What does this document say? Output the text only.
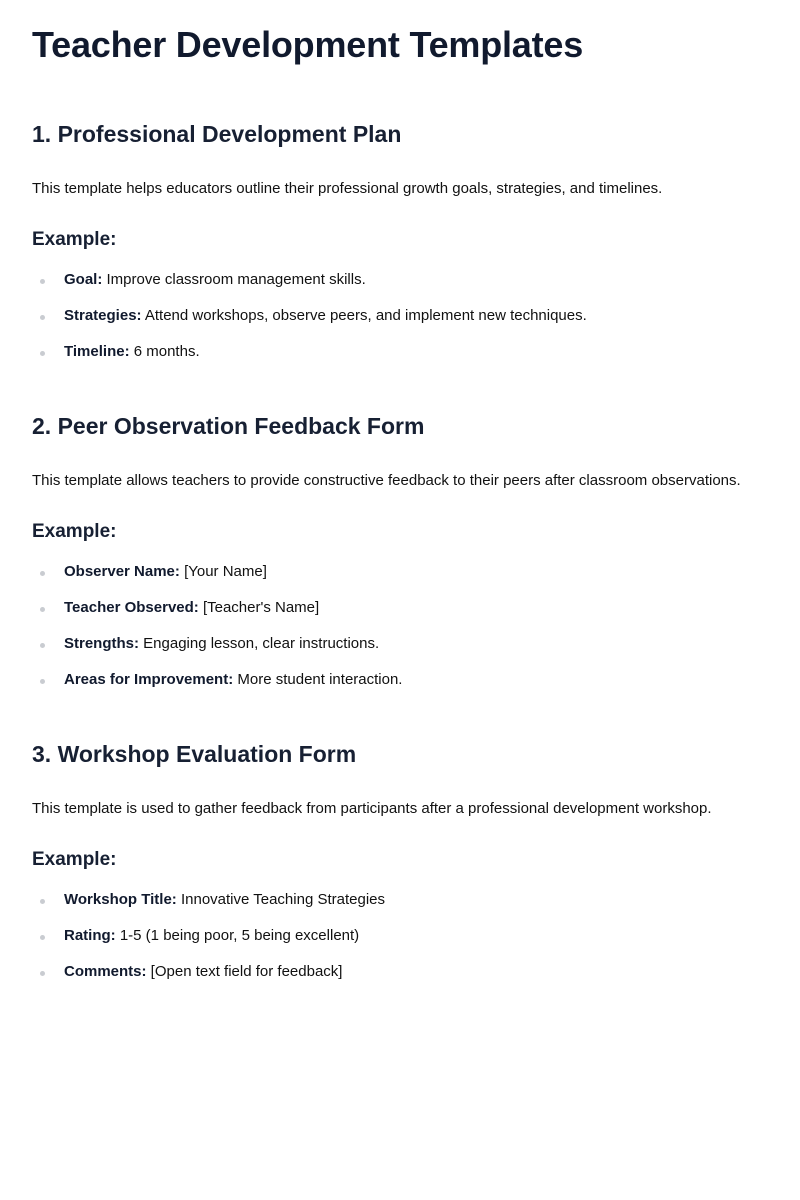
Teacher Development Templates
1. Professional Development Plan

This template helps educators outline their professional growth goals, strategies, and timelines.

Example:
Goal: Improve classroom management skills.
Strategies: Attend workshops, observe peers, and implement new techniques.
Timeline: 6 months.
2. Peer Observation Feedback Form

This template allows teachers to provide constructive feedback to their peers after classroom observations.

Example:
Observer Name: [Your Name]
Teacher Observed: [Teacher's Name]
Strengths: Engaging lesson, clear instructions.
Areas for Improvement: More student interaction.
3. Workshop Evaluation Form

This template is used to gather feedback from participants after a professional development workshop.

Example:
Workshop Title: Innovative Teaching Strategies
Rating: 1-5 (1 being poor, 5 being excellent)
Comments: [Open text field for feedback]
